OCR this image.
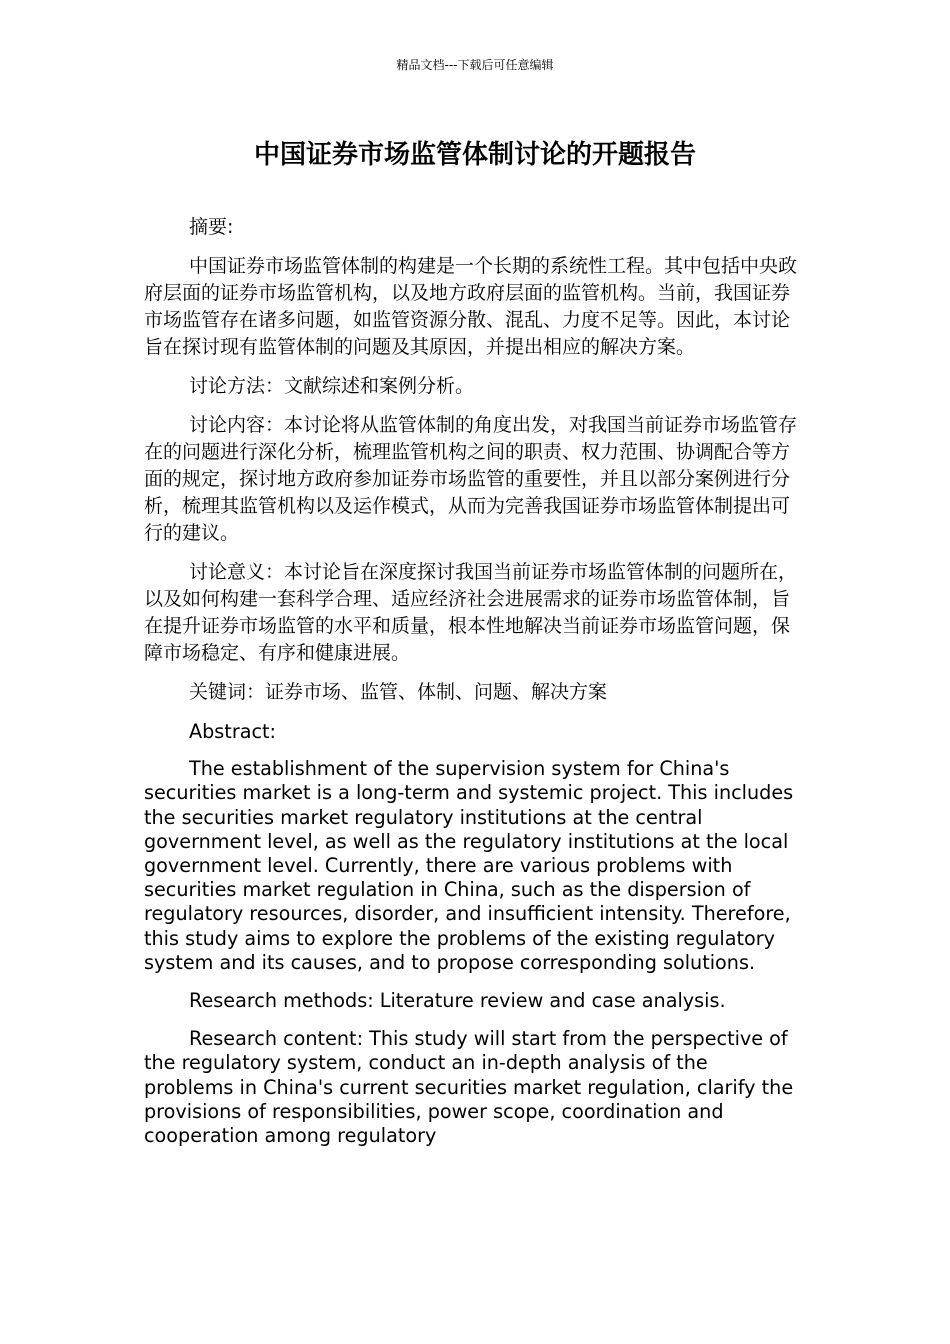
精品文档---下载后可任意编辑
中国证券市场监管体制讨论的开题报告

摘要:

中国证券市场监管体制的构建是一个长期的系统性工程。其中包括中央政府层面的证券市场监管机构，以及地方政府层面的监管机构。当前，我国证券市场监管存在诸多问题，如监管资源分散、混乱、力度不足等。因此，本讨论旨在探讨现有监管体制的问题及其原因，并提出相应的解决方案。

讨论方法：文献综述和案例分析。

讨论内容：本讨论将从监管体制的角度出发，对我国当前证券市场监管存在的问题进行深化分析，梳理监管机构之间的职责、权力范围、协调配合等方面的规定，探讨地方政府参加证券市场监管的重要性，并且以部分案例进行分析，梳理其监管机构以及运作模式，从而为完善我国证券市场监管体制提出可行的建议。

讨论意义：本讨论旨在深度探讨我国当前证券市场监管体制的问题所在，以及如何构建一套科学合理、适应经济社会进展需求的证券市场监管体制，旨在提升证券市场监管的水平和质量，根本性地解决当前证券市场监管问题，保障市场稳定、有序和健康进展。

关键词：证券市场、监管、体制、问题、解决方案

Abstract:

The establishment of the supervision system for China's securities market is a long-term and systemic project. This includes the securities market regulatory institutions at the central government level, as well as the regulatory institutions at the local government level. Currently, there are various problems with securities market regulation in China, such as the dispersion of regulatory resources, disorder, and insufficient intensity. Therefore, this study aims to explore the problems of the existing regulatory system and its causes, and to propose corresponding solutions.

Research methods: Literature review and case analysis.

Research content: This study will start from the perspective of the regulatory system, conduct an in-depth analysis of the problems in China's current securities market regulation, clarify the provisions of responsibilities, power scope, coordination and cooperation among regulatory
